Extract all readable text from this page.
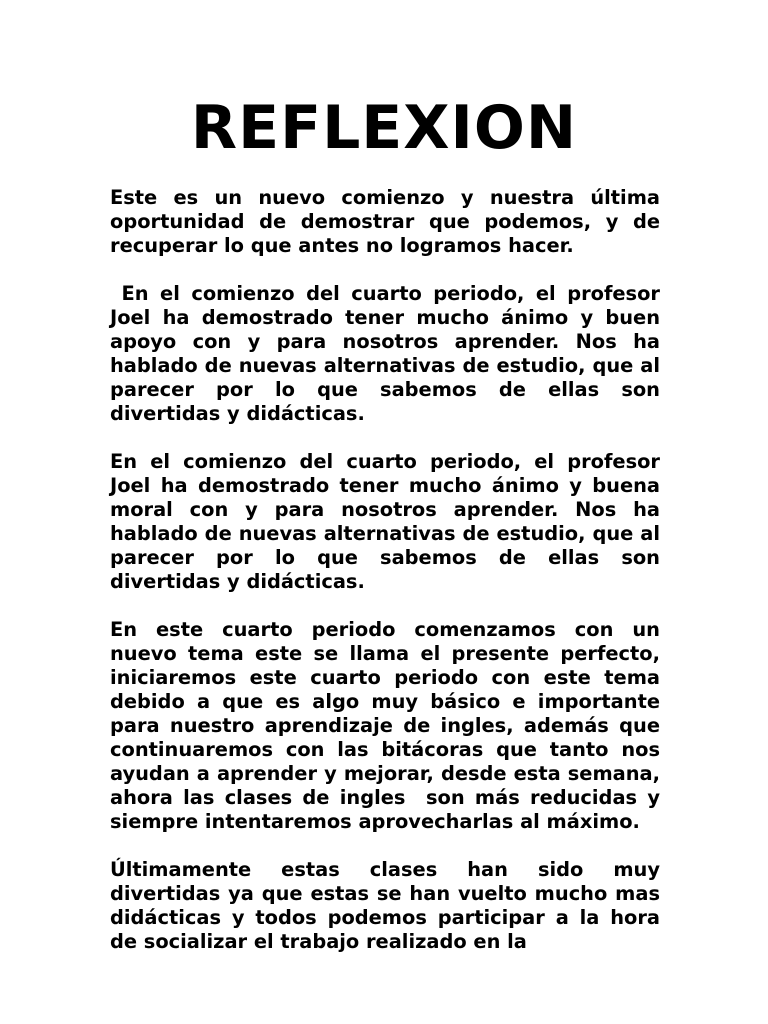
REFLEXION

Este es un nuevo comienzo y nuestra última oportunidad de demostrar que podemos, y de recuperar lo que antes no logramos hacer.

En el comienzo del cuarto periodo, el profesor Joel ha demostrado tener mucho ánimo y buen apoyo con y para nosotros aprender. Nos ha hablado de nuevas alternativas de estudio, que al parecer por lo que sabemos de ellas son divertidas y didácticas.

En el comienzo del cuarto periodo, el profesor Joel ha demostrado tener mucho ánimo y buena moral con y para nosotros aprender. Nos ha hablado de nuevas alternativas de estudio, que al parecer por lo que sabemos de ellas son divertidas y didácticas.

En este cuarto periodo comenzamos con un nuevo tema este se llama el presente perfecto, iniciaremos este cuarto periodo con este tema debido a que es algo muy básico e importante para nuestro aprendizaje de ingles, además que continuaremos con las bitácoras que tanto nos ayudan a aprender y mejorar, desde esta semana, ahora las clases de ingles  son más reducidas y siempre intentaremos aprovecharlas al máximo.

Últimamente estas clases han sido muy divertidas ya que estas se han vuelto mucho mas didácticas y todos podemos participar a la hora de socializar el trabajo realizado en la
